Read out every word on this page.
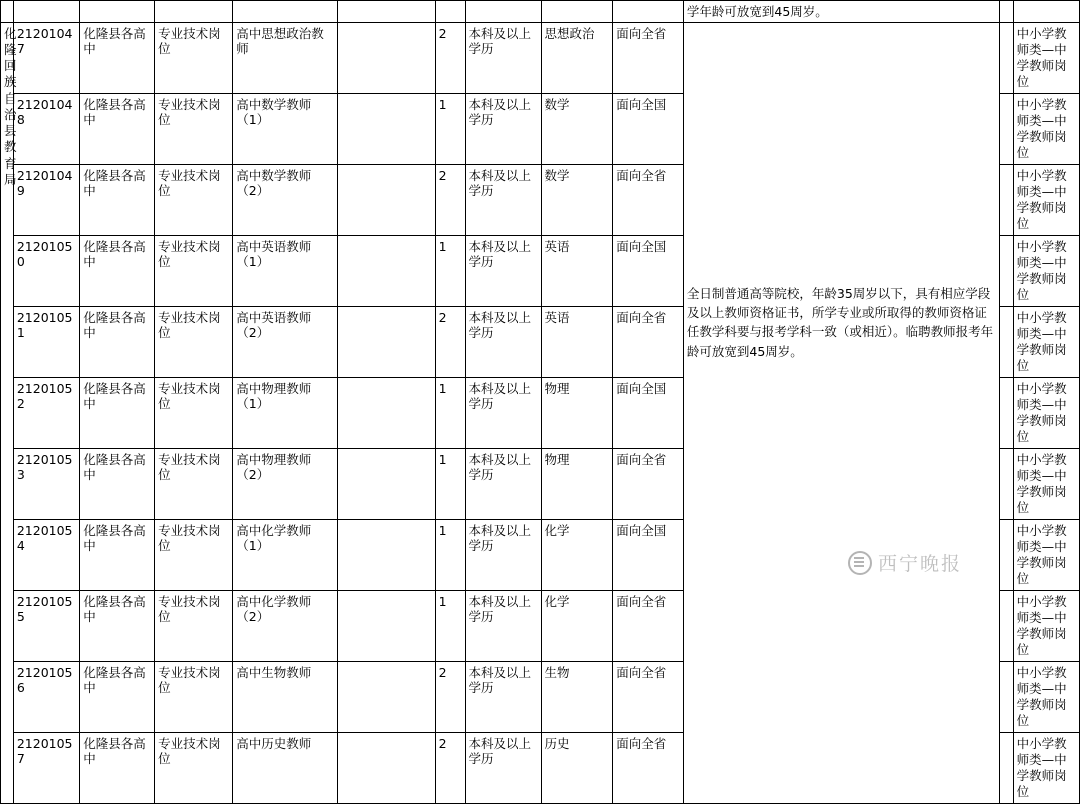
										学年龄可放宽到45周岁。		
化隆回族自治县教育局	21201047	化隆县各高中	专业技术岗位	高中思想政治教师		2	本科及以上学历	思想政治	面向全省	全日制普通高等院校，年龄35周岁以下，具有相应学段及以上教师资格证书，所学专业或所取得的教师资格证任教学科要与报考学科一致（或相近）。临聘教师报考年龄可放宽到45周岁。		中小学教师类—中学教师岗位
	21201048	化隆县各高中	专业技术岗位	高中数学教师（1）		1	本科及以上学历	数学	面向全国			中小学教师类—中学教师岗位
	21201049	化隆县各高中	专业技术岗位	高中数学教师（2）		2	本科及以上学历	数学	面向全省			中小学教师类—中学教师岗位
	21201050	化隆县各高中	专业技术岗位	高中英语教师（1）		1	本科及以上学历	英语	面向全国			中小学教师类—中学教师岗位
	21201051	化隆县各高中	专业技术岗位	高中英语教师（2）		2	本科及以上学历	英语	面向全省			中小学教师类—中学教师岗位
	21201052	化隆县各高中	专业技术岗位	高中物理教师（1）		1	本科及以上学历	物理	面向全国			中小学教师类—中学教师岗位
	21201053	化隆县各高中	专业技术岗位	高中物理教师（2）		1	本科及以上学历	物理	面向全省			中小学教师类—中学教师岗位
	21201054	化隆县各高中	专业技术岗位	高中化学教师（1）		1	本科及以上学历	化学	面向全国			中小学教师类—中学教师岗位
	21201055	化隆县各高中	专业技术岗位	高中化学教师（2）		1	本科及以上学历	化学	面向全省			中小学教师类—中学教师岗位
	21201056	化隆县各高中	专业技术岗位	高中生物教师		2	本科及以上学历	生物	面向全省			中小学教师类—中学教师岗位
	21201057	化隆县各高中	专业技术岗位	高中历史教师		2	本科及以上学历	历史	面向全省			中小学教师类—中学教师岗位
西宁晚报
